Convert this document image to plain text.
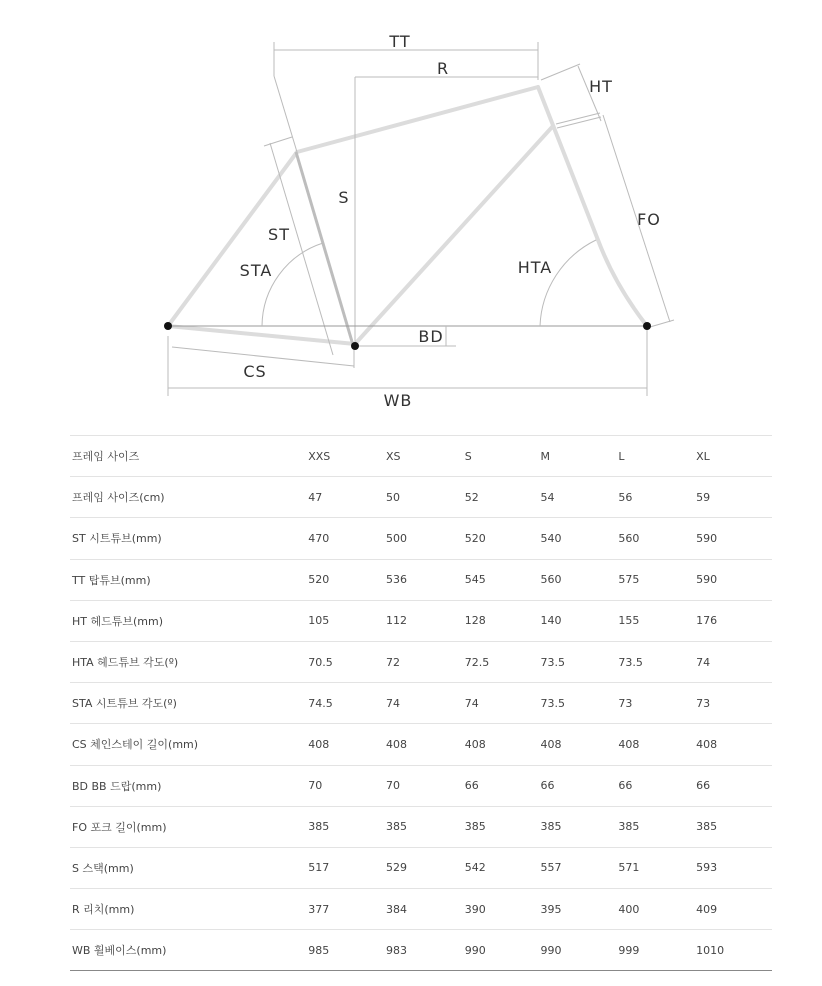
TT
R
HT
S
ST
STA
FO
HTA
BD
CS
WB
프레임 사이즈	XXS	XS	S	M	L	XL
프레임 사이즈(cm)	47	50	52	54	56	59
ST 시트튜브(mm)	470	500	520	540	560	590
TT 탑튜브(mm)	520	536	545	560	575	590
HT 헤드튜브(mm)	105	112	128	140	155	176
HTA 헤드튜브 각도(º)	70.5	72	72.5	73.5	73.5	74
STA 시트튜브 각도(º)	74.5	74	74	73.5	73	73
CS 체인스테이 길이(mm)	408	408	408	408	408	408
BD BB 드랍(mm)	70	70	66	66	66	66
FO 포크 길이(mm)	385	385	385	385	385	385
S 스택(mm)	517	529	542	557	571	593
R 리치(mm)	377	384	390	395	400	409
WB 휠베이스(mm)	985	983	990	990	999	1010
